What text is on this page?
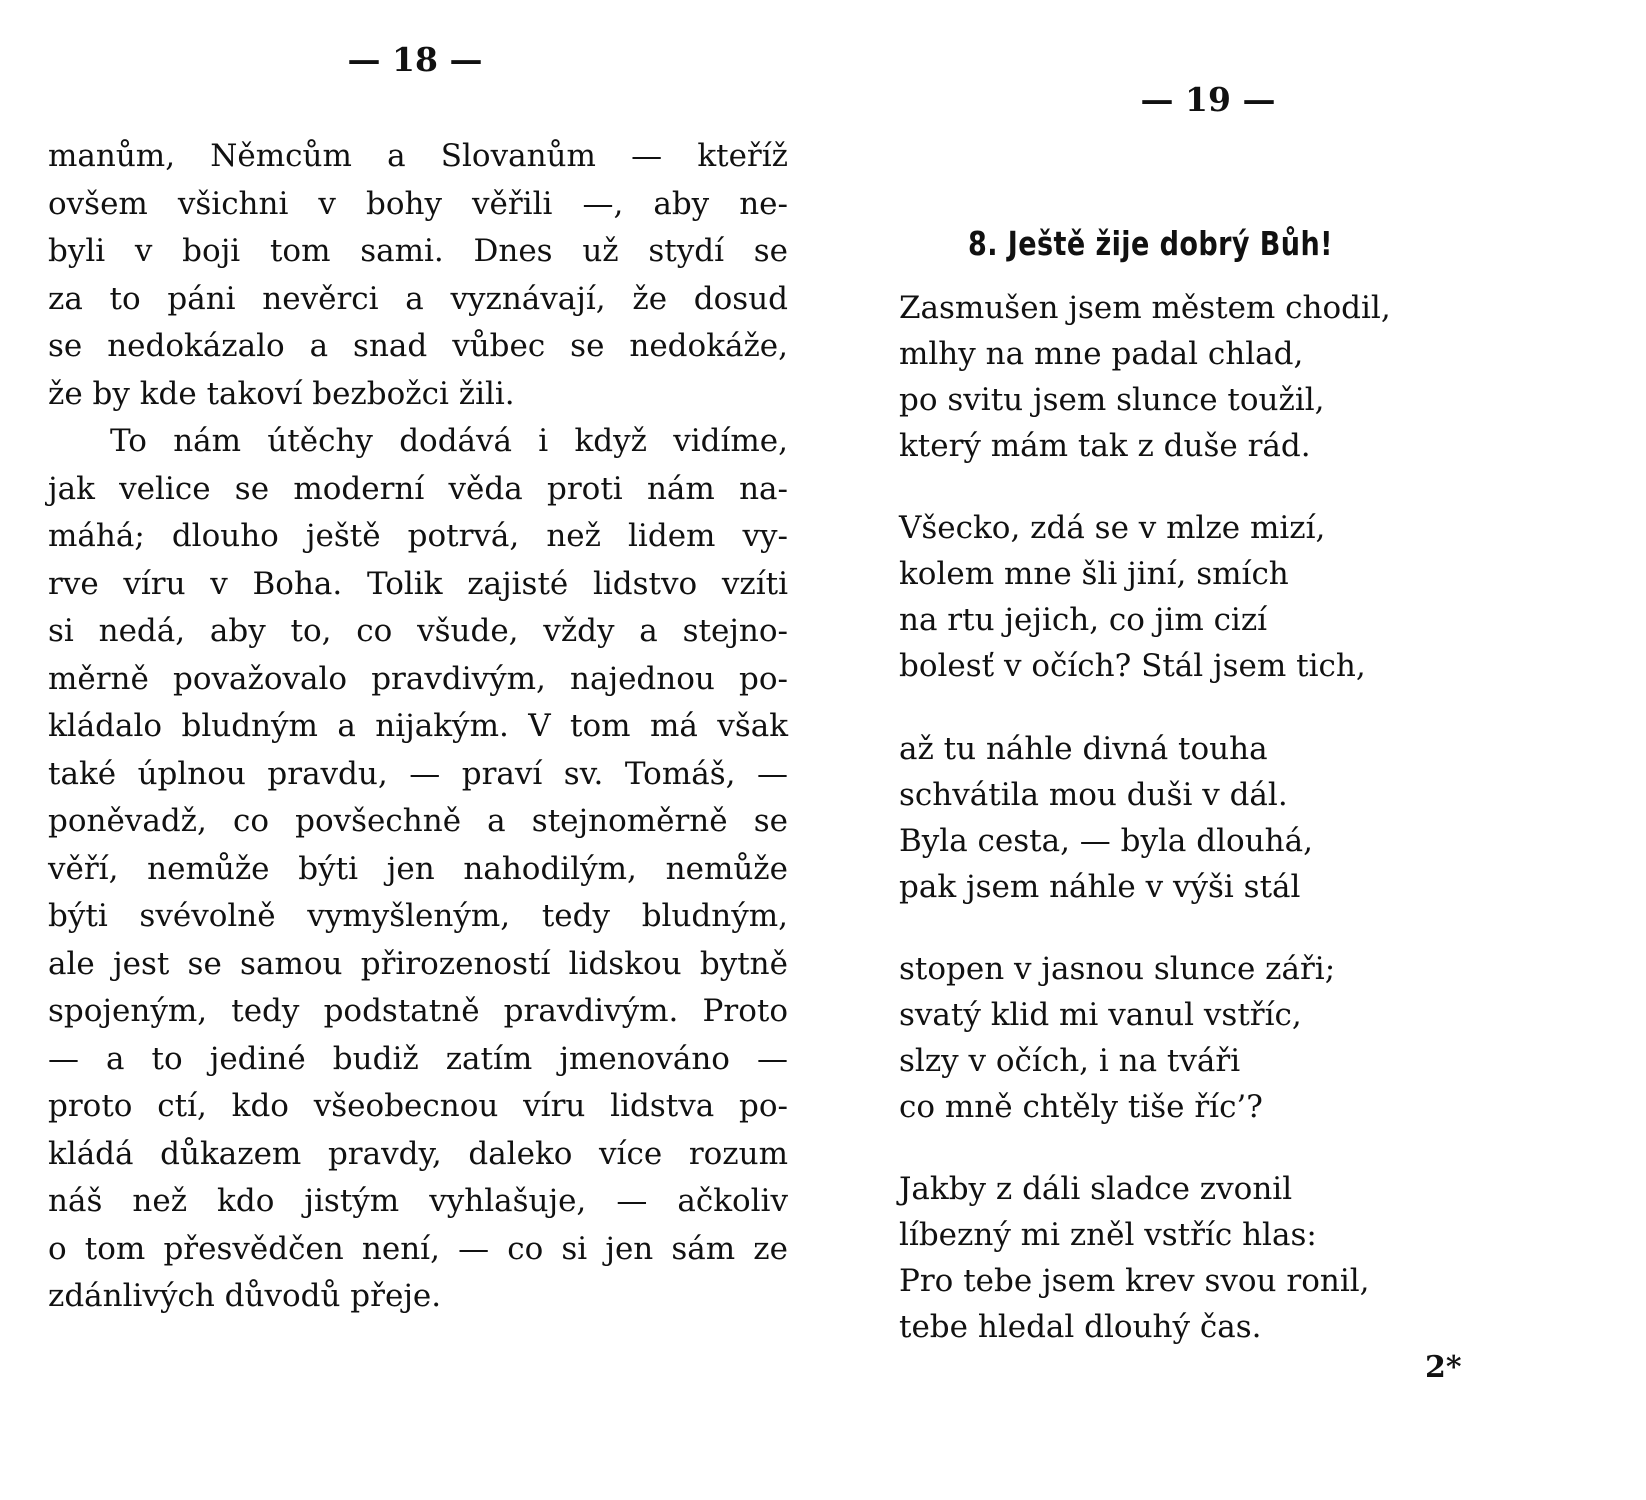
— 18 —
manům, Němcům a Slovanům — kteříž
ovšem všichni v bohy věřili —, aby ne-
byli v boji tom sami. Dnes už stydí se
za to páni nevěrci a vyznávají, že dosud
se nedokázalo a snad vůbec se nedokáže,
že by kde takoví bezbožci žili.
To nám útěchy dodává i když vidíme,
jak velice se moderní věda proti nám na-
máhá; dlouho ještě potrvá, než lidem vy-
rve víru v Boha. Tolik zajisté lidstvo vzíti
si nedá, aby to, co všude, vždy a stejno-
měrně považovalo pravdivým, najednou po-
kládalo bludným a nijakým. V tom má však
také úplnou pravdu, — praví sv. Tomáš, —
poněvadž, co povšechně a stejnoměrně se
věří, nemůže býti jen nahodilým, nemůže
býti svévolně vymyšleným, tedy bludným,
ale jest se samou přirozeností lidskou bytně
spojeným, tedy podstatně pravdivým. Proto
— a to jediné budiž zatím jmenováno —
proto ctí, kdo všeobecnou víru lidstva po-
kládá důkazem pravdy, daleko více rozum
náš než kdo jistým vyhlašuje, — ačkoliv
o tom přesvědčen není, — co si jen sám ze
zdánlivých důvodů přeje.
— 19 —
8. Ještě žije dobrý Bůh!
Zasmušen jsem městem chodil,
mlhy na mne padal chlad,
po svitu jsem slunce toužil,
který mám tak z duše rád.
Všecko, zdá se v mlze mizí,
kolem mne šli jiní, smích
na rtu jejich, co jim cizí
bolesť v očích? Stál jsem tich,
až tu náhle divná touha
schvátila mou duši v dál.
Byla cesta, — byla dlouhá,
pak jsem náhle v výši stál
stopen v jasnou slunce záři;
svatý klid mi vanul vstříc,
slzy v očích, i na tváři
co mně chtěly tiše říc’?
Jakby z dáli sladce zvonil
líbezný mi zněl vstříc hlas:
Pro tebe jsem krev svou ronil,
tebe hledal dlouhý čas.
2*
